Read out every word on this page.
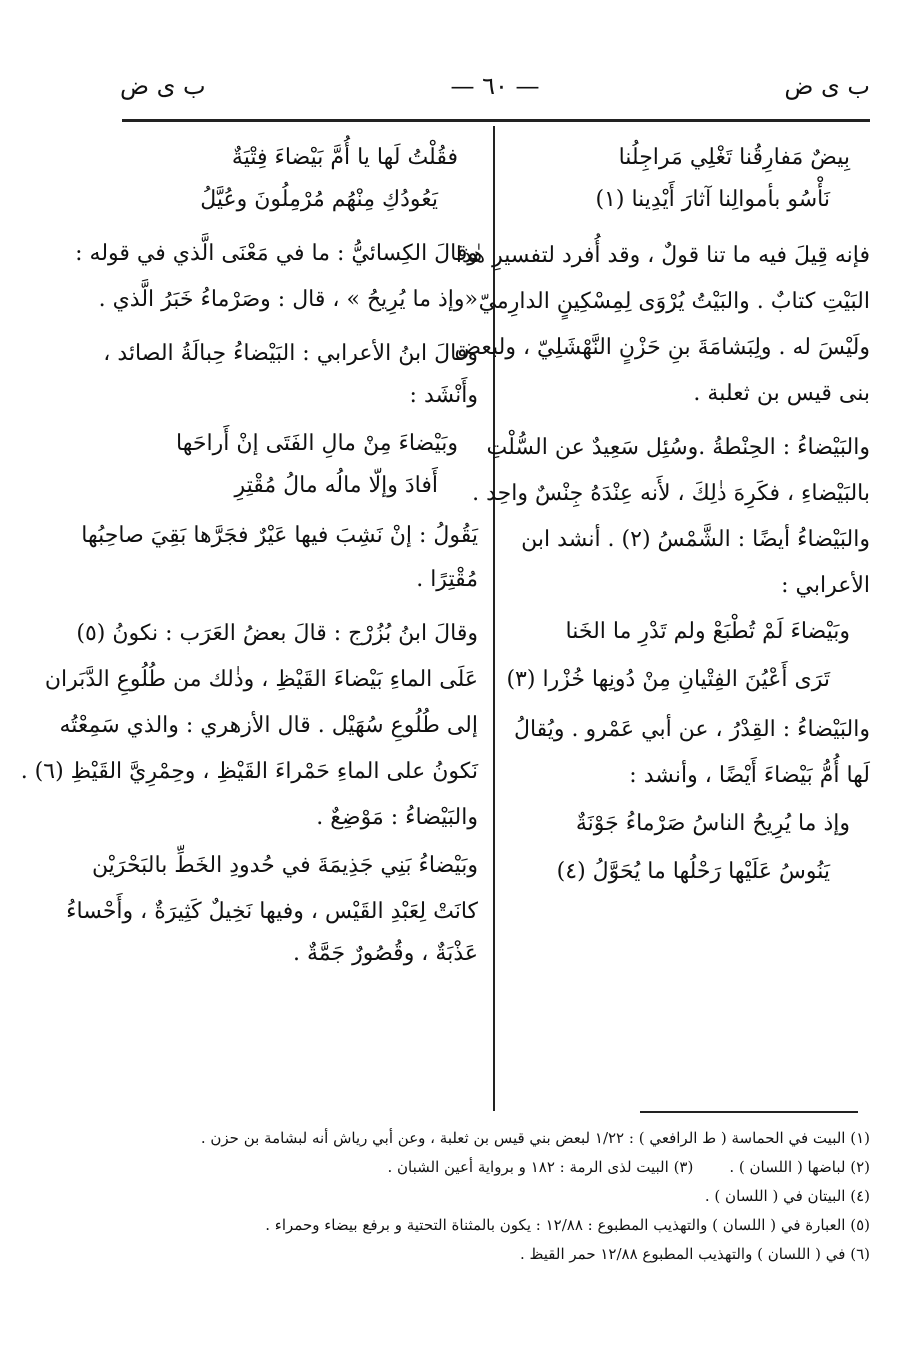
ب ى ض
— ٦٠ —
ب ى ض

بِيضٌ مَفارِقُنا تَغْلِي مَراجِلُنا

نَأْسُو بأموالِنا آثارَ أَيْدِينا (١)

فإنه قِيلَ فيه ما تنا قولٌ ، وقد أُفرد لتفسيرِ هٰذا

البَيْتِ كتابٌ . والبَيْتُ يُرْوَى لِمِسْكِينٍ الدارِميّ

ولَيْسَ له . ولِبَشامَةَ بنِ حَزْنٍ النَّهْشَلِيّ ، ولبعض

بنى قيس بن ثعلبة .

والبَيْضاءُ : الحِنْطةُ .وسُئِل سَعِيدٌ عن السُّلْتِ

بالبَيْضاءِ ، فكَرِهَ ذٰلِكَ ، لأَنه عِنْدَهُ جِنْسٌ واحِد .

والبَيْضاءُ أيضًا : الشَّمْسُ (٢) . أنشد ابن

الأعرابي :

وبَيْضاءَ لَمْ تُطْبَعْ ولم تَدْرِ ما الخَنا

تَرَى أَعْيُنَ الفِتْيانِ مِنْ دُونِها خُزْرا (٣)

والبَيْضاءُ : القِدْرُ ، عن أبي عَمْرو . ويُقالُ

لَها أُمُّ بَيْضاءَ أَيْضًا ، وأنشد :

وإذ ما يُرِيحُ الناسُ صَرْماءُ جَوْنَةٌ

يَنُوسُ عَلَيْها رَحْلُها ما يُحَوَّلُ (٤)

فقُلْتُ لَها يا أُمَّ بَيْضاءَ فِتْيَةٌ

يَعُودُكِ مِنْهُم مُرْمِلُونَ وعُيَّلُ

وقالَ الكِسائيُّ : ما في مَعْنَى الَّذي في قوله :

«وإذ ما يُرِيحُ » ، قال : وصَرْماءُ خَبَرُ الَّذي .

وقالَ ابنُ الأعرابي : البَيْضاءُ حِبالَةُ الصائد ،

وأَنْشَد :

وبَيْضاءَ مِنْ مالِ الفَتَى إنْ أَراحَها

أَفادَ وإلّا مالُه مالُ مُقْتِرِ

يَقُولُ : إنْ نَشِبَ فيها عَيْرٌ فجَرَّها بَقِيَ صاحِبُها

مُقْتِرًا .

وقالَ ابنُ بُزُرْج : قالَ بعضُ العَرَب : نكونُ (٥)

عَلَى الماءِ بَيْضاءَ القَيْظِ ، وذٰلك من طُلُوعِ الدَّبَران

إلى طُلُوعِ سُهَيْل . قال الأزهري : والذي سَمِعْتُه

نَكونُ على الماءِ حَمْراءَ القَيْظِ ، وحِمْرِيَّ القَيْظِ (٦) .

والبَيْضاءُ : مَوْضِعٌ .

وبَيْضاءُ بَنِي جَذِيمَةَ في حُدودِ الخَطِّ بالبَحْرَيْن

كانَتْ لِعَبْدِ القَيْس ، وفيها نَخِيلٌ كَثِيرَةٌ ، وأَحْساءُ

عَذْبَةٌ ، وقُصُورٌ جَمَّةٌ .

(١) البيت في الحماسة ( ط الرافعي ) : ١/٢٢ لبعض بني قيس بن ثعلبة ، وعن أبي رياش أنه لبشامة بن حزن .

(٢) لباضها ( اللسان ) .

(٣) البيت لذى الرمة : ١٨٢ و برواية أعين الشبان .

(٤) البيتان في ( اللسان ) .

(٥) العبارة في ( اللسان ) والتهذيب المطبوع : ١٢/٨٨ : يكون بالمثناة التحتية و برفع بيضاء وحمراء .

(٦) في ( اللسان ) والتهذيب المطبوع ١٢/٨٨ حمر القيظ .
